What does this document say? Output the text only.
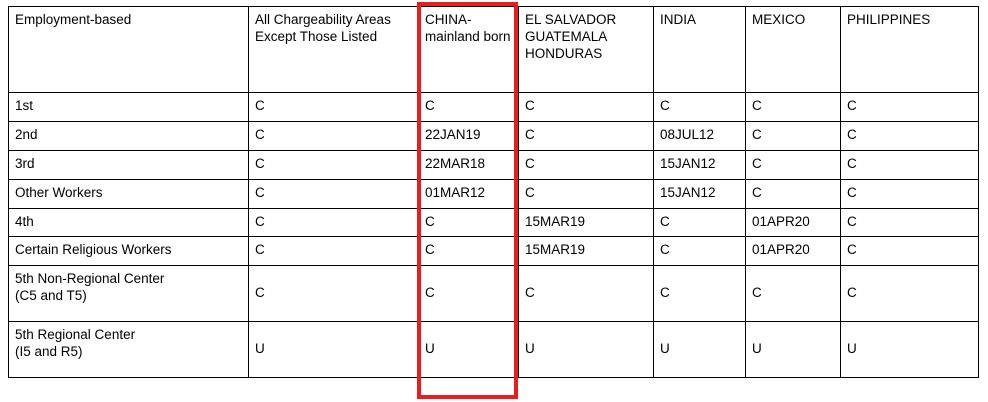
Employment-based	All Chargeability Areas Except Those Listed	CHINA-mainland born	EL SALVADOR GUATEMALA HONDURAS	INDIA	MEXICO	PHILIPPINES
1st	C	C	C	C	C	C
2nd	C	22JAN19	C	08JUL12	C	C
3rd	C	22MAR18	C	15JAN12	C	C
Other Workers	C	01MAR12	C	15JAN12	C	C
4th	C	C	15MAR19	C	01APR20	C
Certain Religious Workers	C	C	15MAR19	C	01APR20	C
5th Non-Regional Center
(C5 and T5)	C	C	C	C	C	C
5th Regional Center
(I5 and R5)	U	U	U	U	U	U
